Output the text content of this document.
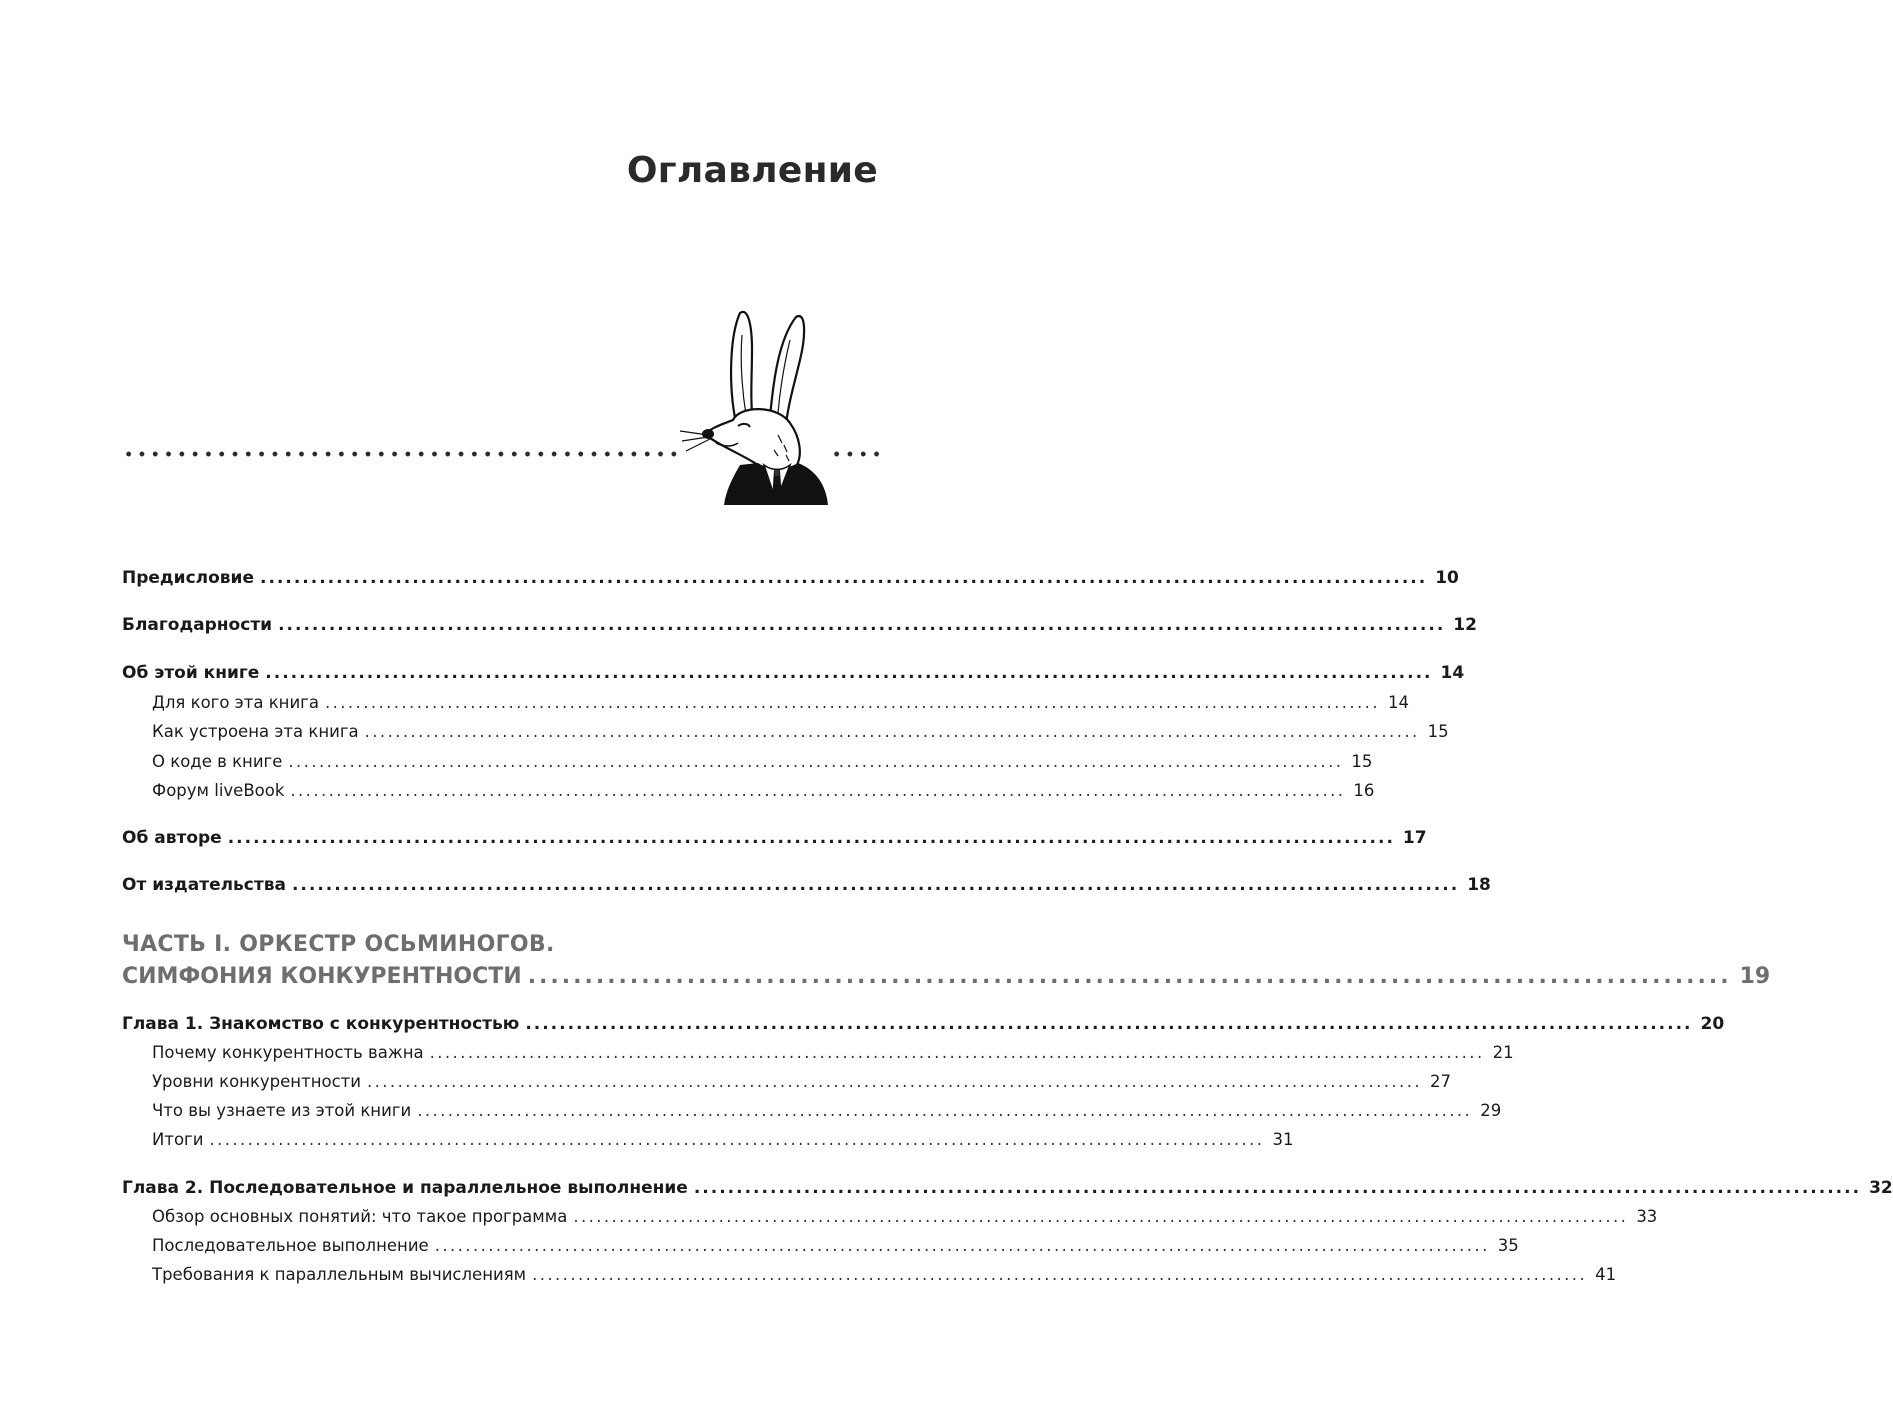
Оглавление
Предисловие .......................................................................................................................................... 10
Благодарности .......................................................................................................................................... 12
Об этой книге .......................................................................................................................................... 14
Для кого эта книга .......................................................................................................................................... 14
Как устроена эта книга .......................................................................................................................................... 15
О коде в книге .......................................................................................................................................... 15
Форум liveBook .......................................................................................................................................... 16
Об авторе .......................................................................................................................................... 17
От издательства .......................................................................................................................................... 18
ЧАСТЬ I. ОРКЕСТР ОСЬМИНОГОВ.
СИМФОНИЯ КОНКУРЕНТНОСТИ .......................................................................................................... 19
Глава 1. Знакомство с конкурентностью .......................................................................................................................................... 20
Почему конкурентность важна .......................................................................................................................................... 21
Уровни конкурентности .......................................................................................................................................... 27
Что вы узнаете из этой книги .......................................................................................................................................... 29
Итоги .......................................................................................................................................... 31
Глава 2. Последовательное и параллельное выполнение .......................................................................................................................................... 32
Обзор основных понятий: что такое программа .......................................................................................................................................... 33
Последовательное выполнение .......................................................................................................................................... 35
Требования к параллельным вычислениям .......................................................................................................................................... 41
